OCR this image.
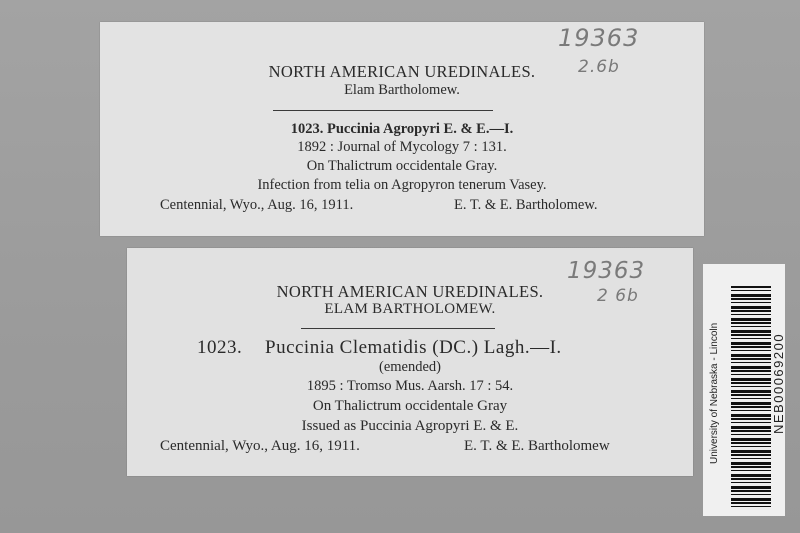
NORTH AMERICAN UREDINALES.
Elam Bartholomew.
1023. Puccinia Agropyri E. & E.—I.
1892 : Journal of Mycology 7 : 131.
On Thalictrum occidentale Gray.
Infection from telia on Agropyron tenerum Vasey.
Centennial, Wyo., Aug. 16, 1911.	E. T. & E. Bartholomew.
19363
2.6b
NORTH AMERICAN UREDINALES.
ELAM BARTHOLOMEW.
1023. Puccinia Clematidis (DC.) Lagh.—I.
(emended)
1895 : Tromso Mus. Aarsh. 17 : 54.
On Thalictrum occidentale Gray
Issued as Puccinia Agropyri E. & E.
Centennial, Wyo., Aug. 16, 1911.	E. T. & E. Bartholomew
19363
2 6b
University of Nebraska - Lincoln	NEB00069200
